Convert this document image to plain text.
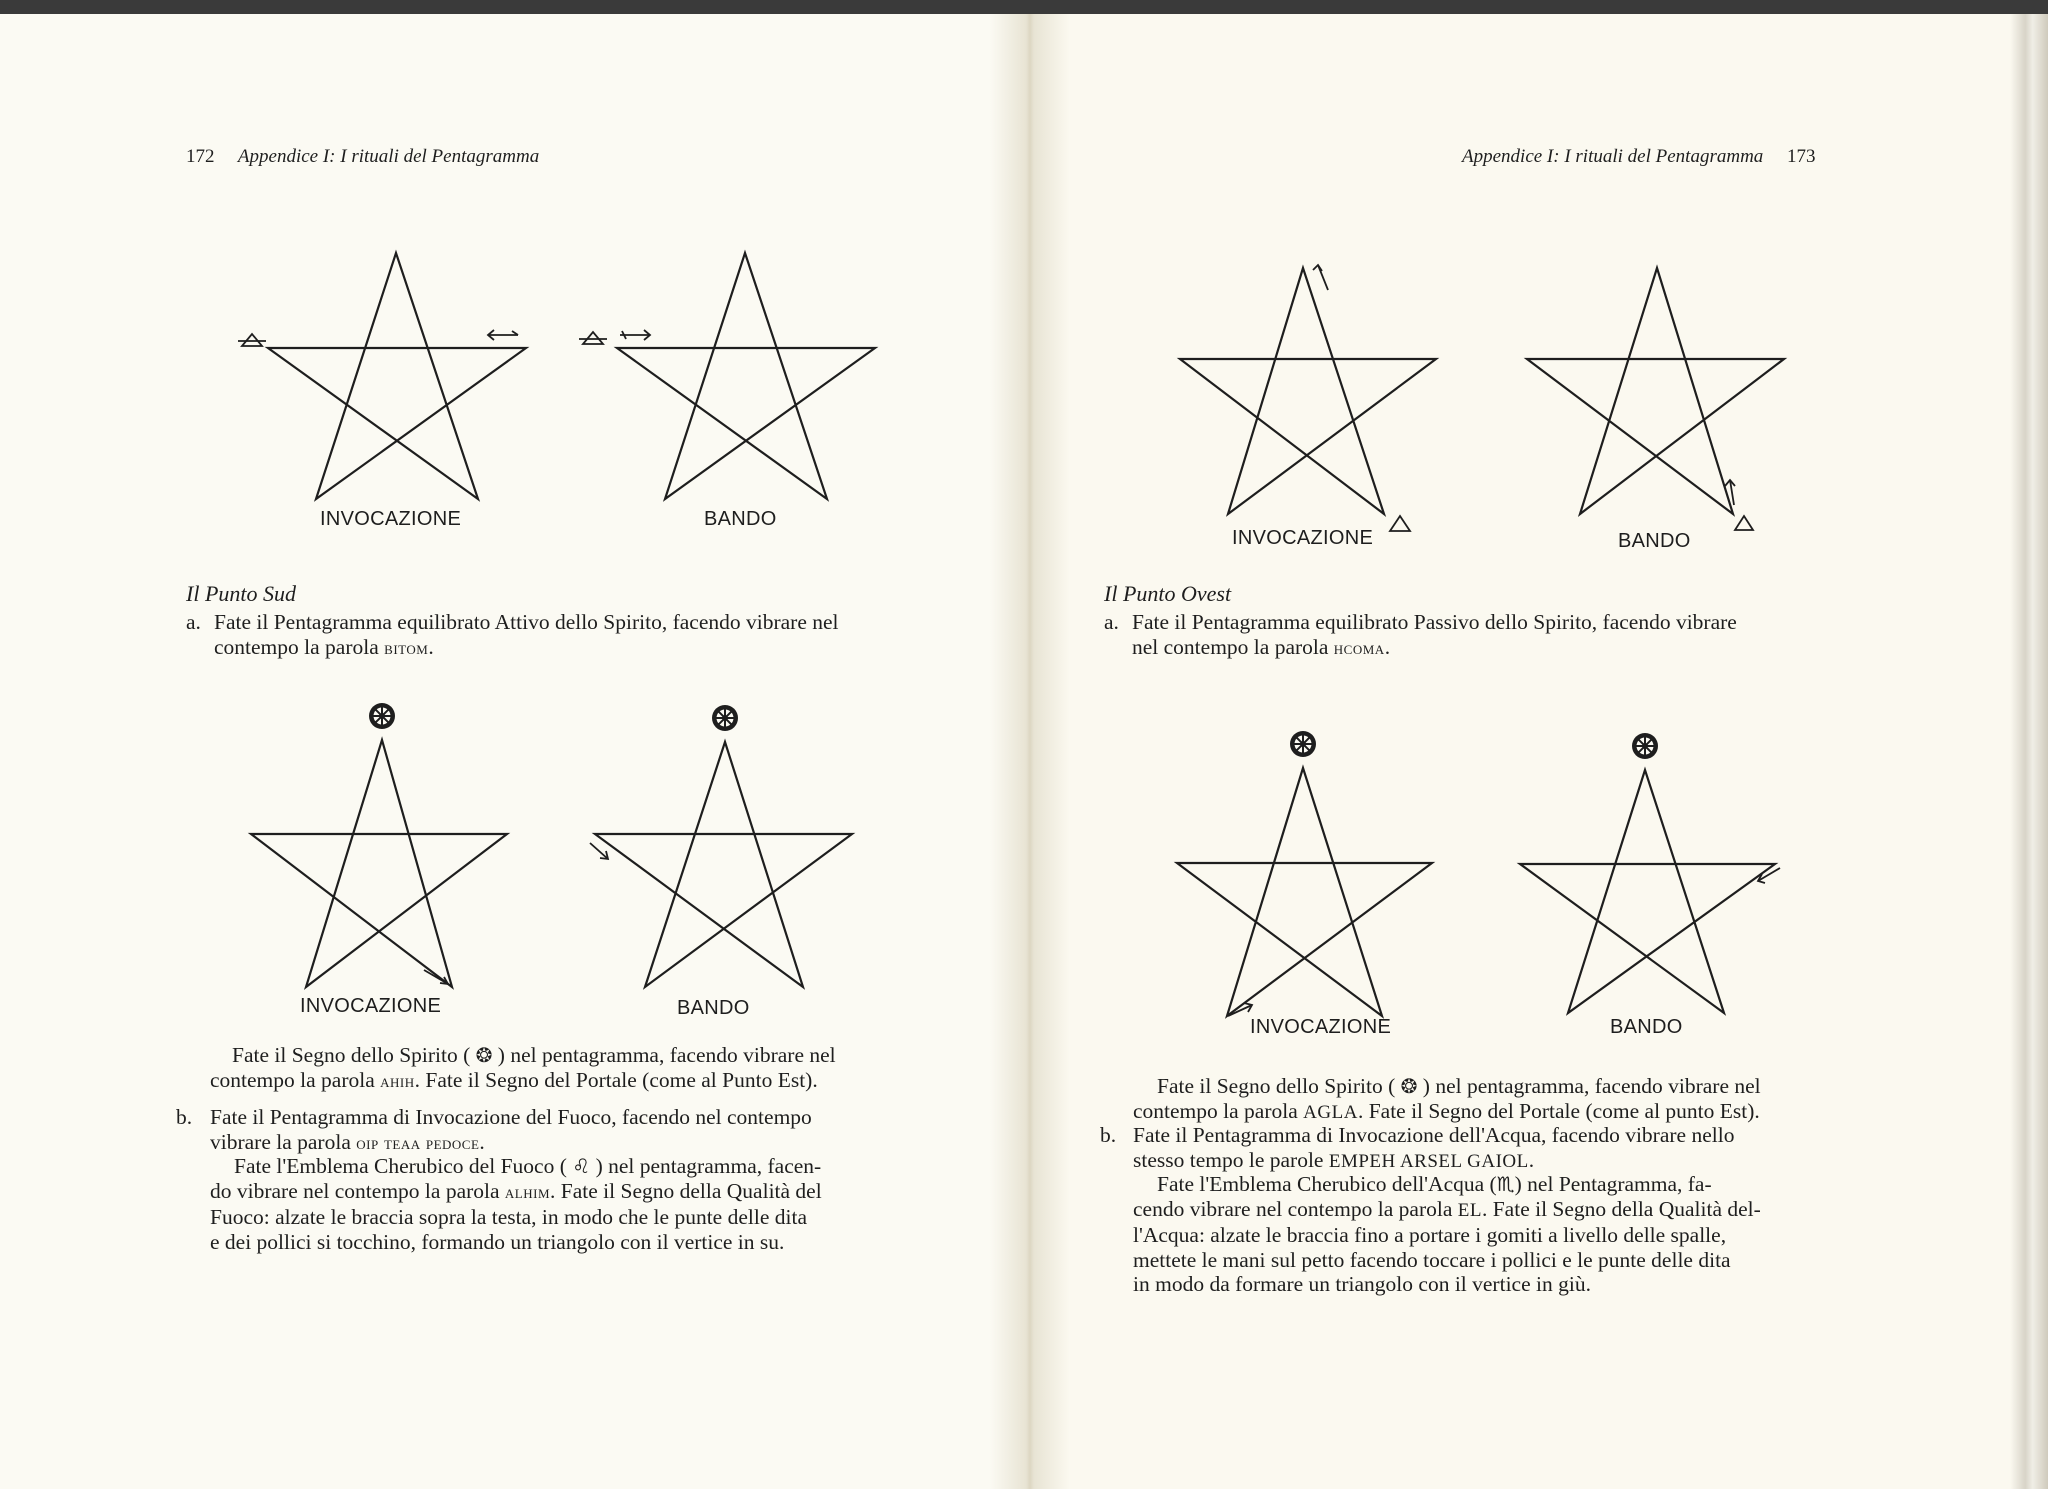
172 Appendice I: I rituali del Pentagramma	Appendice I: I rituali del Pentagramma 173
INVOCAZIONE	BANDO
INVOCAZIONE	BANDO
INVOCAZIONE	BANDO
INVOCAZIONE	BANDO
Il Punto Sud
a. Fate il Pentagramma equilibrato Attivo dello Spirito, facendo vibrare nel
contempo la parola bitom.
Fate il Segno dello Spirito ( ❂ ) nel pentagramma, facendo vibrare nel
contempo la parola ahih. Fate il Segno del Portale (come al Punto Est).
b. Fate il Pentagramma di Invocazione del Fuoco, facendo nel contempo
vibrare la parola oip teaa pedoce.
Fate l'Emblema Cherubico del Fuoco ( ♌ ) nel pentagramma, facen-
do vibrare nel contempo la parola alhim. Fate il Segno della Qualità del
Fuoco: alzate le braccia sopra la testa, in modo che le punte delle dita
e dei pollici si tocchino, formando un triangolo con il vertice in su.
Il Punto Ovest
a. Fate il Pentagramma equilibrato Passivo dello Spirito, facendo vibrare
nel contempo la parola hcoma.
Fate il Segno dello Spirito ( ❂ ) nel pentagramma, facendo vibrare nel
contempo la parola AGLA. Fate il Segno del Portale (come al punto Est).
b. Fate il Pentagramma di Invocazione dell'Acqua, facendo vibrare nello
stesso tempo le parole EMPEH ARSEL GAIOL.
Fate l'Emblema Cherubico dell'Acqua (♏) nel Pentagramma, fa-
cendo vibrare nel contempo la parola EL. Fate il Segno della Qualità del-
l'Acqua: alzate le braccia fino a portare i gomiti a livello delle spalle,
mettete le mani sul petto facendo toccare i pollici e le punte delle dita
in modo da formare un triangolo con il vertice in giù.
